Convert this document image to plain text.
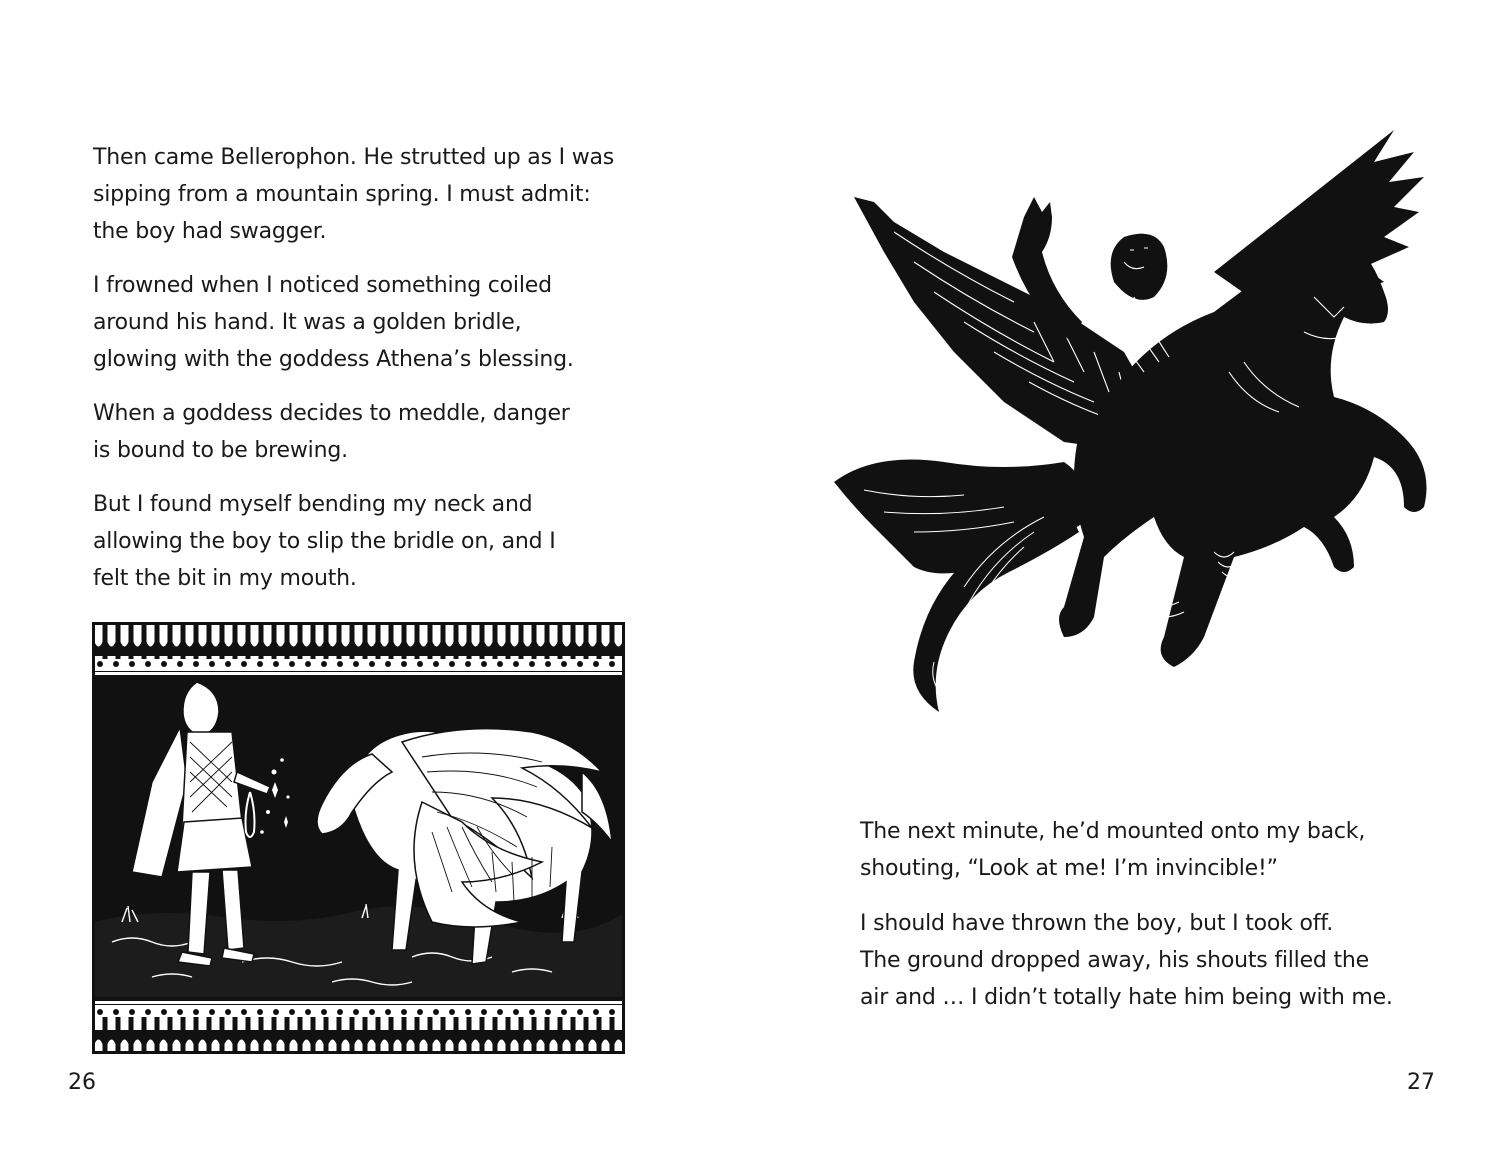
Then came Bellerophon. He strutted up as I was
sipping from a mountain spring. I must admit:
the boy had swagger.

I frowned when I noticed something coiled
around his hand. It was a golden bridle,
glowing with the goddess Athena’s blessing.

When a goddess decides to meddle, danger
is bound to be brewing.

But I found myself bending my neck and
allowing the boy to slip the bridle on, and I
felt the bit in my mouth.

26

The next minute, he’d mounted onto my back,
shouting, “Look at me! I’m invincible!”

I should have thrown the boy, but I took off.
The ground dropped away, his shouts filled the
air and … I didn’t totally hate him being with me.

27
